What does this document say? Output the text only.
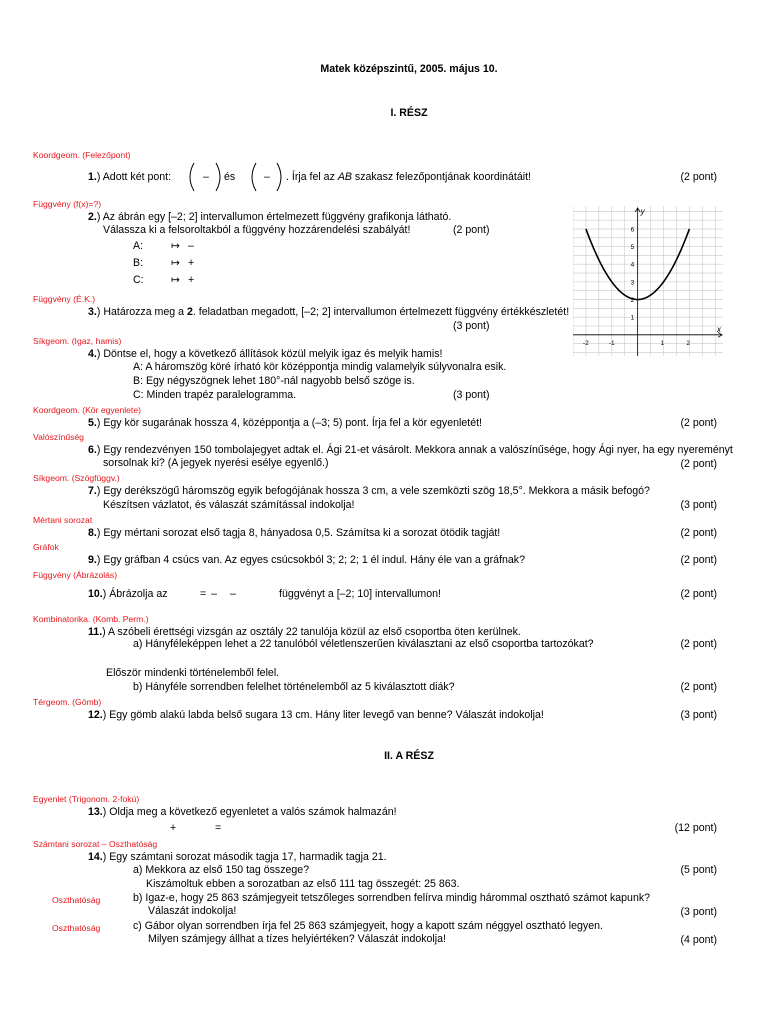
Matek középszintű, 2005. május 10.
I. RÉSZ
Koordgeom. (Felezőpont)
1.) Adott két pont:	– és	– . Írja fel az AB szakasz felezőpontjának koordinátáit!	(2 pont)
Függvény (f(x)=?)
2.) Az ábrán egy [–2; 2] intervallumon értelmezett függvény grafikonja látható.
Válassza ki a felsoroltakból a függvény hozzárendelési szabályát!	(2 pont)
A:	↦ –
B:	↦ +
C:	↦ +
x
y
-2	-1	1	2
1
2
3
4
5
6
Függvény (É.K.)
3.) Határozza meg a 2. feladatban megadott, [–2; 2] intervallumon értelmezett függvény értékkészletét!
(3 pont)
Síkgeom. (Igaz, hamis)
4.) Döntse el, hogy a következő állítások közül melyik igaz és melyik hamis!
A: A háromszög köré írható kör középpontja mindig valamelyik súlyvonalra esik.
B: Egy négyszögnek lehet 180°-nál nagyobb belső szöge is.
C: Minden trapéz paralelogramma.	(3 pont)
Koordgeom. (Kör egyenlete)
5.) Egy kör sugarának hossza 4, középpontja a (–3; 5) pont. Írja fel a kör egyenletét!	(2 pont)
Valószínűség
6.) Egy rendezvényen 150 tombolajegyet adtak el. Ági 21-et vásárolt. Mekkora annak a valószínűsége, hogy Ági nyer, ha egy nyereményt
sorsolnak ki? (A jegyek nyerési esélye egyenlő.)	(2 pont)
Síkgeom. (Szögfüggv.)
7.) Egy derékszögű háromszög egyik befogójának hossza 3 cm, a vele szemközti szög 18,5°. Mekkora a másik befogó?
Készítsen vázlatot, és válaszát számítással indokolja!	(3 pont)
Mértani sorozat
8.) Egy mértani sorozat első tagja 8, hányadosa 0,5. Számítsa ki a sorozat ötödik tagját!	(2 pont)
Gráfok
9.) Egy gráfban 4 csúcs van. Az egyes csúcsokból 3; 2; 2; 1 él indul. Hány éle van a gráfnak?	(2 pont)
Függvény (Ábrázolás)
10.) Ábrázolja az	= – –	függvényt a [–2; 10] intervallumon!	(2 pont)
Kombinatorika. (Komb. Perm.)
11.) A szóbeli érettségi vizsgán az osztály 22 tanulója közül az első csoportba öten kerülnek.
a) Hányféleképpen lehet a 22 tanulóból véletlenszerűen kiválasztani az első csoportba tartozókat?	(2 pont)
Először mindenki történelemből felel.
b) Hányféle sorrendben felelhet történelemből az 5 kiválasztott diák?	(2 pont)
Térgeom. (Gömb)
12.) Egy gömb alakú labda belső sugara 13 cm. Hány liter levegő van benne? Válaszát indokolja!	(3 pont)
II. A RÉSZ
Egyenlet (Trigonom. 2-fokú)
13.) Oldja meg a következő egyenletet a valós számok halmazán!
+	=	(12 pont)
Számtani sorozat – Oszthatóság
14.) Egy számtani sorozat második tagja 17, harmadik tagja 21.
a) Mekkora az első 150 tag összege?	(5 pont)
Kiszámoltuk ebben a sorozatban az első 111 tag összegét: 25 863.
Oszthatóság	b) Igaz-e, hogy 25 863 számjegyeit tetszőleges sorrendben felírva mindig hárommal osztható számot kapunk?
Válaszát indokolja!	(3 pont)
Oszthatóság	c) Gábor olyan sorrendben írja fel 25 863 számjegyeit, hogy a kapott szám néggyel osztható legyen.
Milyen számjegy állhat a tízes helyiértéken? Válaszát indokolja!	(4 pont)
